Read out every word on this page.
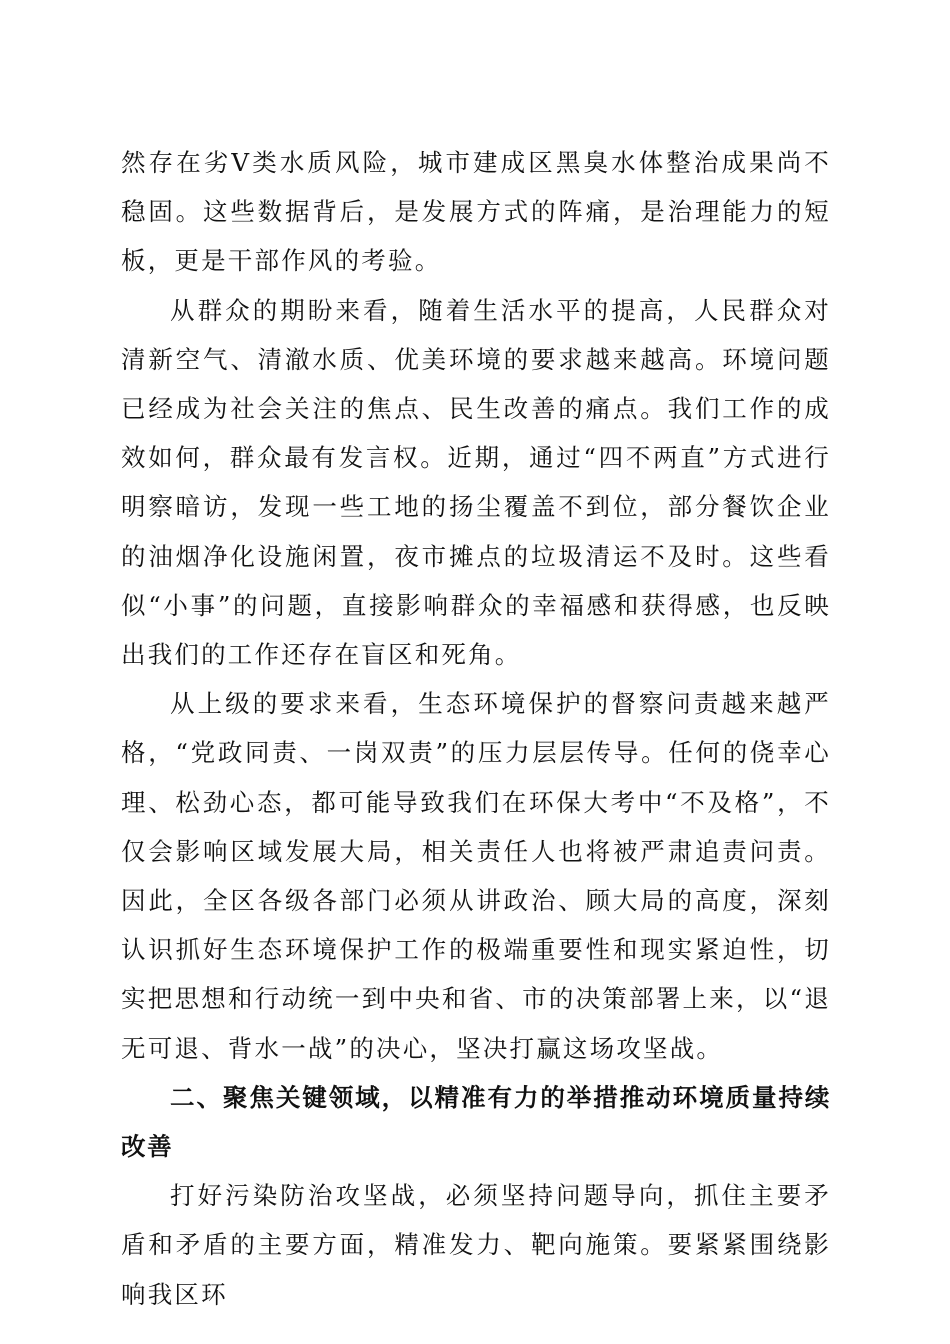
然存在劣Ⅴ类水质风险，城市建成区黑臭水体整治成果尚不稳固。这些数据背后，是发展方式的阵痛，是治理能力的短板，更是干部作风的考验。

从群众的期盼来看，随着生活水平的提高，人民群众对清新空气、清澈水质、优美环境的要求越来越高。环境问题已经成为社会关注的焦点、民生改善的痛点。我们工作的成效如何，群众最有发言权。近期，通过“四不两直”方式进行明察暗访，发现一些工地的扬尘覆盖不到位，部分餐饮企业的油烟净化设施闲置，夜市摊点的垃圾清运不及时。这些看似“小事”的问题，直接影响群众的幸福感和获得感，也反映出我们的工作还存在盲区和死角。

从上级的要求来看，生态环境保护的督察问责越来越严格，“党政同责、一岗双责”的压力层层传导。任何的侥幸心理、松劲心态，都可能导致我们在环保大考中“不及格”，不仅会影响区域发展大局，相关责任人也将被严肃追责问责。因此，全区各级各部门必须从讲政治、顾大局的高度，深刻认识抓好生态环境保护工作的极端重要性和现实紧迫性，切实把思想和行动统一到中央和省、市的决策部署上来，以“退无可退、背水一战”的决心，坚决打赢这场攻坚战。

二、聚焦关键领域，以精准有力的举措推动环境质量持续改善

打好污染防治攻坚战，必须坚持问题导向，抓住主要矛盾和矛盾的主要方面，精准发力、靶向施策。要紧紧围绕影响我区环
